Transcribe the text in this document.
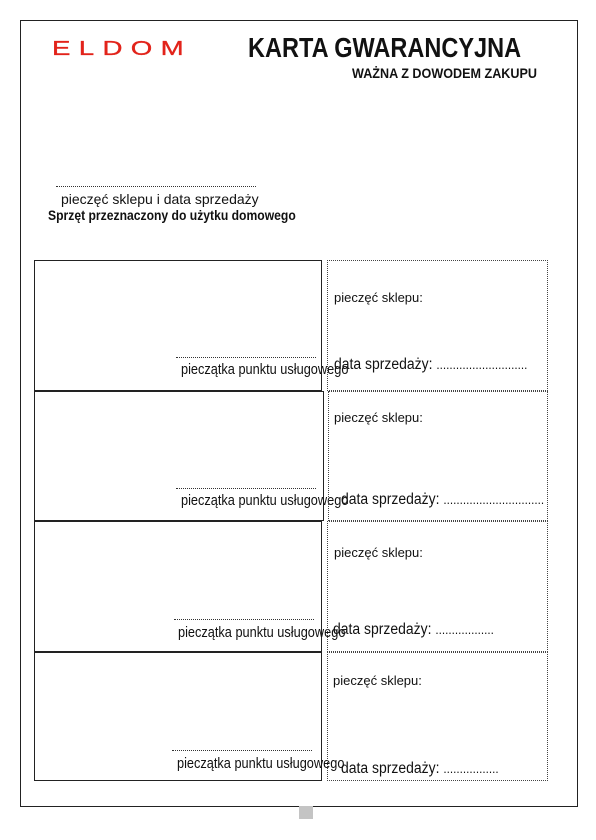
ELDOM KARTA GWARANCYJNA
WAŻNA Z DOWODEM ZAKUPU
pieczęć sklepu i data sprzedaży
Sprzęt przeznaczony do użytku domowego
pieczątka punktu usługowego
pieczęć sklepu:
data sprzedaży: ............................
pieczątka punktu usługowego
pieczęć sklepu:
data sprzedaży: ...............................
pieczątka punktu usługowego
pieczęć sklepu:
data sprzedaży: ..................
pieczątka punktu usługowego
pieczęć sklepu:
data sprzedaży: .................
